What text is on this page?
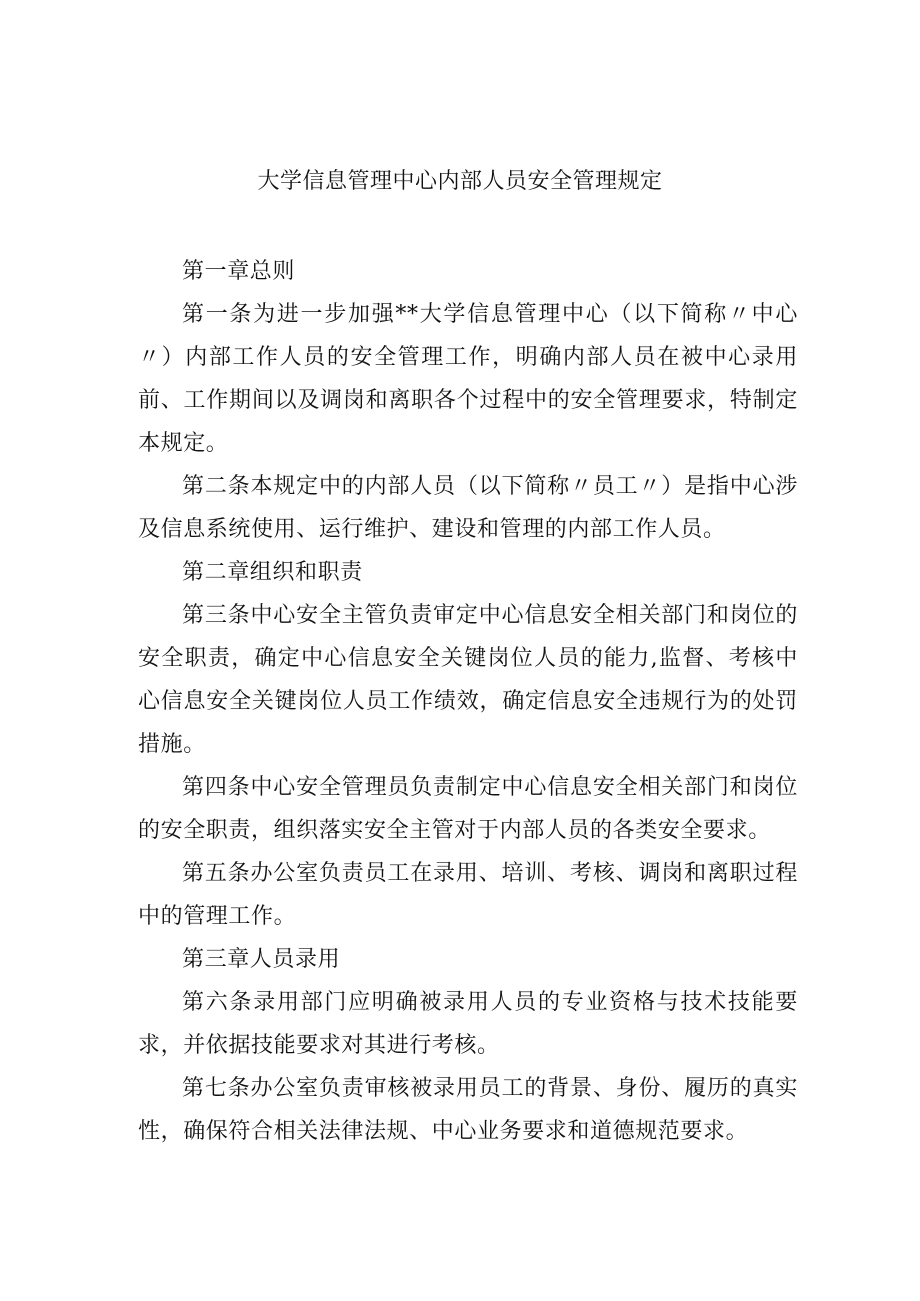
大学信息管理中心内部人员安全管理规定

第一章总则

第一条为进一步加强**大学信息管理中心（以下简称〃中心〃）内部工作人员的安全管理工作，明确内部人员在被中心录用前、工作期间以及调岗和离职各个过程中的安全管理要求，特制定本规定。

第二条本规定中的内部人员（以下简称〃员工〃）是指中心涉及信息系统使用、运行维护、建设和管理的内部工作人员。

第二章组织和职责

第三条中心安全主管负责审定中心信息安全相关部门和岗位的安全职责，确定中心信息安全关键岗位人员的能力,监督、考核中心信息安全关键岗位人员工作绩效，确定信息安全违规行为的处罚措施。

第四条中心安全管理员负责制定中心信息安全相关部门和岗位的安全职责，组织落实安全主管对于内部人员的各类安全要求。

第五条办公室负责员工在录用、培训、考核、调岗和离职过程中的管理工作。

第三章人员录用

第六条录用部门应明确被录用人员的专业资格与技术技能要求，并依据技能要求对其进行考核。

第七条办公室负责审核被录用员工的背景、身份、履历的真实性，确保符合相关法律法规、中心业务要求和道德规范要求。
